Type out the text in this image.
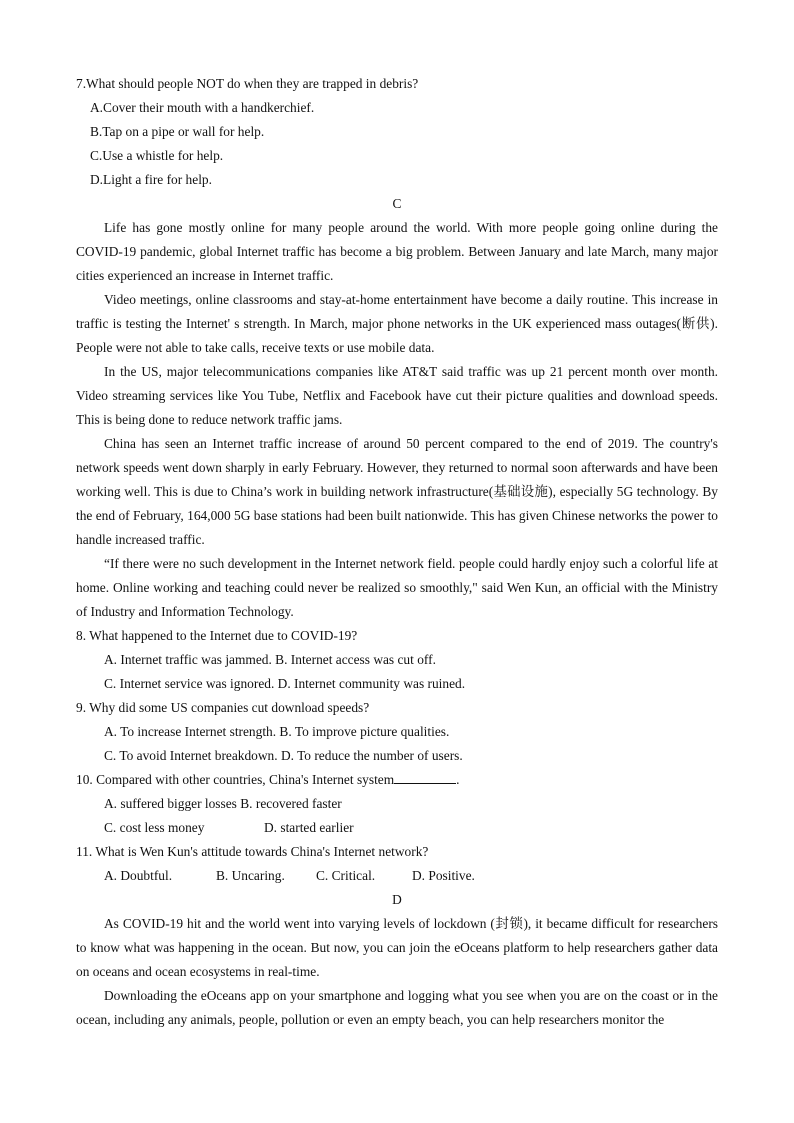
7.What should people NOT do when they are trapped in debris?

A.Cover their mouth with a handkerchief.

B.Tap on a pipe or wall for help.

C.Use a whistle for help.

D.Light a fire for help.

C

Life has gone mostly online for many people around the world. With more people going online during the COVID-19 pandemic, global Internet traffic has become a big problem. Between January and late March, many major cities experienced an increase in Internet traffic.

Video meetings, online classrooms and stay-at-home entertainment have become a daily routine. This increase in traffic is testing the Internet' s strength. In March, major phone networks in the UK experienced mass outages(断供). People were not able to take calls, receive texts or use mobile data.

In the US, major telecommunications companies like AT&T said traffic was up 21 percent month over month. Video streaming services like You Tube, Netflix and Facebook have cut their picture qualities and download speeds. This is being done to reduce network traffic jams.

China has seen an Internet traffic increase of around 50 percent compared to the end of 2019. The country's network speeds went down sharply in early February. However, they returned to normal soon afterwards and have been working well. This is due to China’s work in building network infrastructure(基础设施), especially 5G technology. By the end of February, 164,000 5G base stations had been built nationwide. This has given Chinese networks the power to handle increased traffic.

“If there were no such development in the Internet network field. people could hardly enjoy such a colorful life at home. Online working and teaching could never be realized so smoothly," said Wen Kun, an official with the Ministry of Industry and Information Technology.

8. What happened to the Internet due to COVID-19?

A. Internet traffic was jammed. B. Internet access was cut off.

C. Internet service was ignored. D. Internet community was ruined.

9. Why did some US companies cut download speeds?

A. To increase Internet strength. B. To improve picture qualities.

C. To avoid Internet breakdown. D. To reduce the number of users.

10. Compared with other countries, China's Internet system	.

A. suffered bigger losses B. recovered faster

C. cost less money	D. started earlier

11. What is Wen Kun's attitude towards China's Internet network?

A. Doubtful.	B. Uncaring. C. Critical.	D. Positive.

D

As COVID-19 hit and the world went into varying levels of lockdown (封锁), it became difficult for researchers to know what was happening in the ocean. But now, you can join the eOceans platform to help researchers gather data on oceans and ocean ecosystems in real-time.

Downloading the eOceans app on your smartphone and logging what you see when you are on the coast or in the ocean, including any animals, people, pollution or even an empty beach, you can help researchers monitor the
